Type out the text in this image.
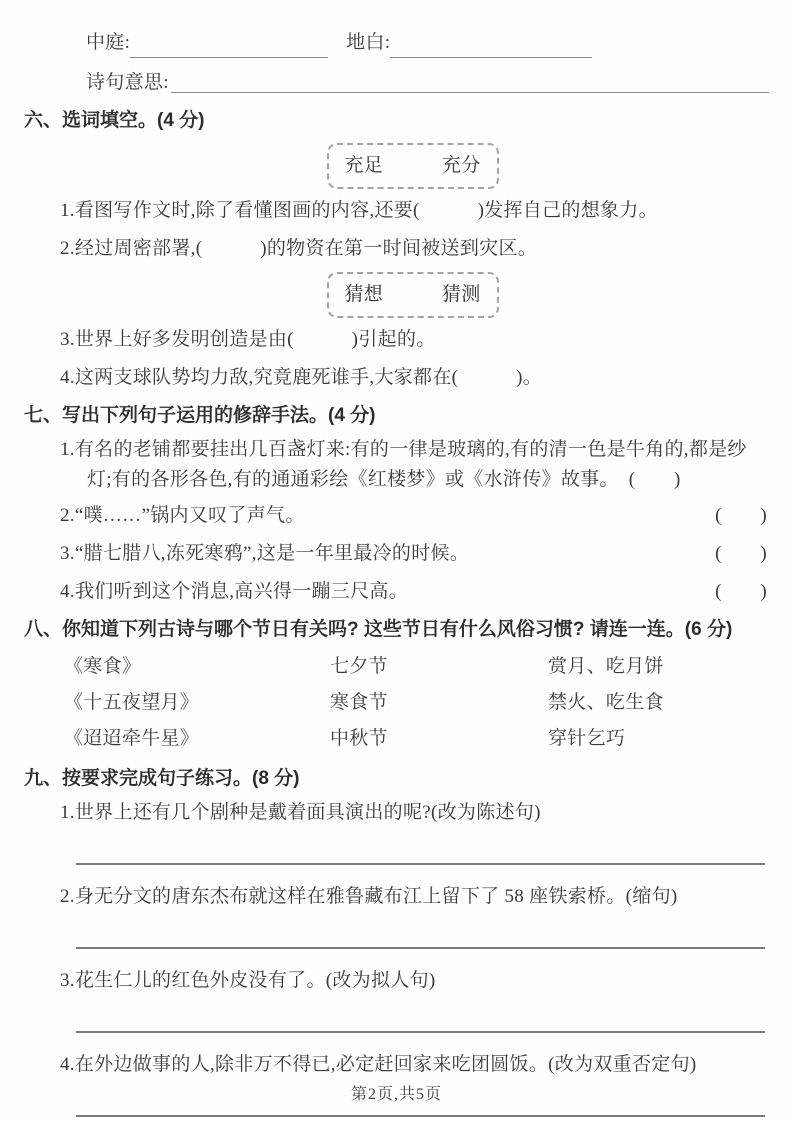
中庭:	地白:
诗句意思:
六、选词填空。(4 分)
充足	充分

1.看图写作文时,除了看懂图画的内容,还要(　　　)发挥自己的想象力。

2.经过周密部署,(　　　)的物资在第一时间被送到灾区。

猜想	猜测

3.世界上好多发明创造是由(　　　)引起的。

4.这两支球队势均力敌,究竟鹿死谁手,大家都在(　　　)。

七、写出下列句子运用的修辞手法。(4 分)

1.有名的老铺都要挂出几百盏灯来:有的一律是玻璃的,有的清一色是牛角的,都是纱灯;有的各形各色,有的通通彩绘《红楼梦》或《水浒传》故事。 (　　)

2.“噗……”锅内又叹了声气。	(　　)

3.“腊七腊八,冻死寒鸦”,这是一年里最冷的时候。	(　　)

4.我们听到这个消息,高兴得一蹦三尺高。	(　　)

八、你知道下列古诗与哪个节日有关吗? 这些节日有什么风俗习惯? 请连一连。(6 分)
《寒食》	七夕节	赏月、吃月饼
《十五夜望月》	寒食节	禁火、吃生食
《迢迢牵牛星》	中秋节	穿针乞巧
九、按要求完成句子练习。(8 分)

1.世界上还有几个剧种是戴着面具演出的呢?(改为陈述句)

2.身无分文的唐东杰布就这样在雅鲁藏布江上留下了 58 座铁索桥。(缩句)

3.花生仁儿的红色外皮没有了。(改为拟人句)

4.在外边做事的人,除非万不得已,必定赶回家来吃团圆饭。(改为双重否定句)

第2页,共5页
